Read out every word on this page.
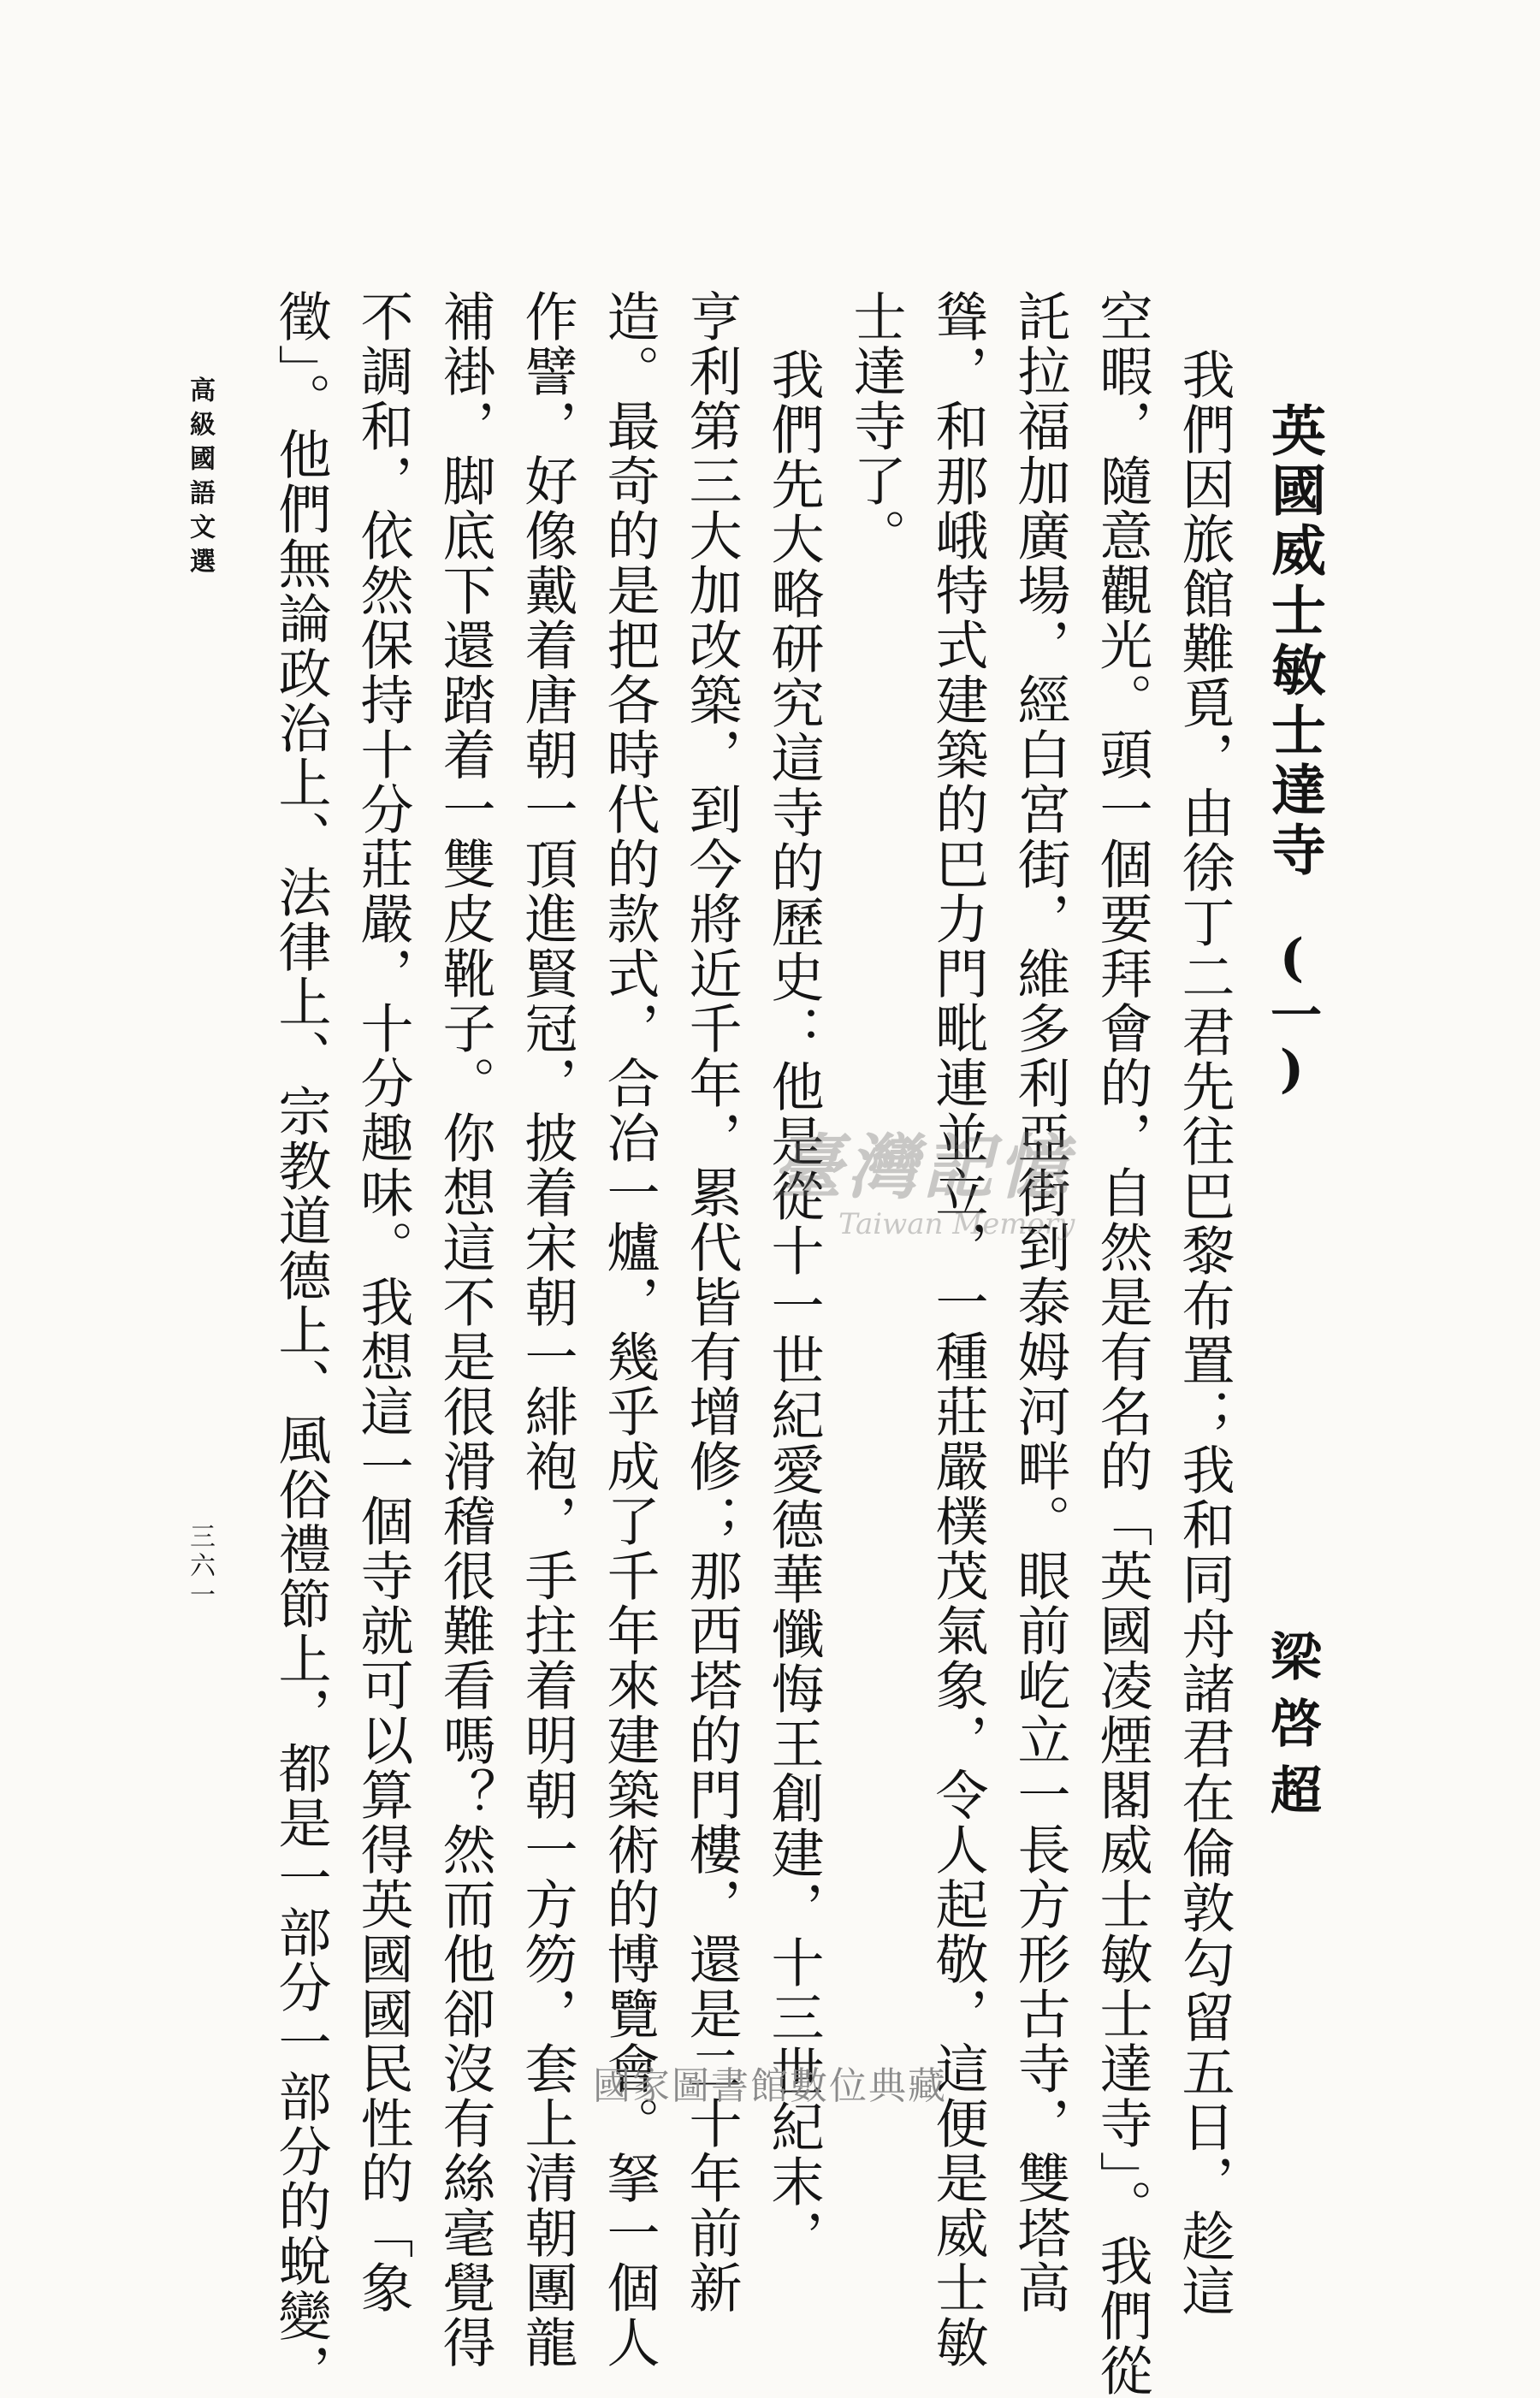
英國威士敏士達寺
(一)
梁啓超
我們因旅館難覓，由徐丁二君先往巴黎布置；我和同舟諸君在倫敦勾留五日，趁這
空暇，隨意觀光。頭一個要拜會的，自然是有名的「英國凌煙閣威士敏士達寺」。我們從
託拉福加廣場，經白宮街，維多利亞街到泰姆河畔。眼前屹立一長方形古寺，雙塔高
聳，和那峨特式建築的巴力門毗連並立，一種莊嚴樸茂氣象，令人起敬，這便是威士敏
士達寺了。
我們先大略研究這寺的歷史：他是從十一世紀愛德華懺悔王創建，十三世紀末，
亨利第三大加改築，到今將近千年，累代皆有增修；那西塔的門樓，還是二十年前新
造。最奇的是把各時代的款式，合冶一爐，幾乎成了千年來建築術的博覽會。拏一個人
作譬，好像戴着唐朝一頂進賢冠，披着宋朝一緋袍，手拄着明朝一方笏，套上清朝團龍
補褂，脚底下還踏着一雙皮靴子。你想這不是很滑稽很難看嗎？然而他卻沒有絲毫覺得
不調和，依然保持十分莊嚴，十分趣味。我想這一個寺就可以算得英國國民性的「象
徵」。他們無論政治上、法律上、宗教道德上、風俗禮節上，都是一部分一部分的蛻變，
高級國語文選
三六一
臺灣記憶
Taiwan Memory
國家圖書館數位典藏
